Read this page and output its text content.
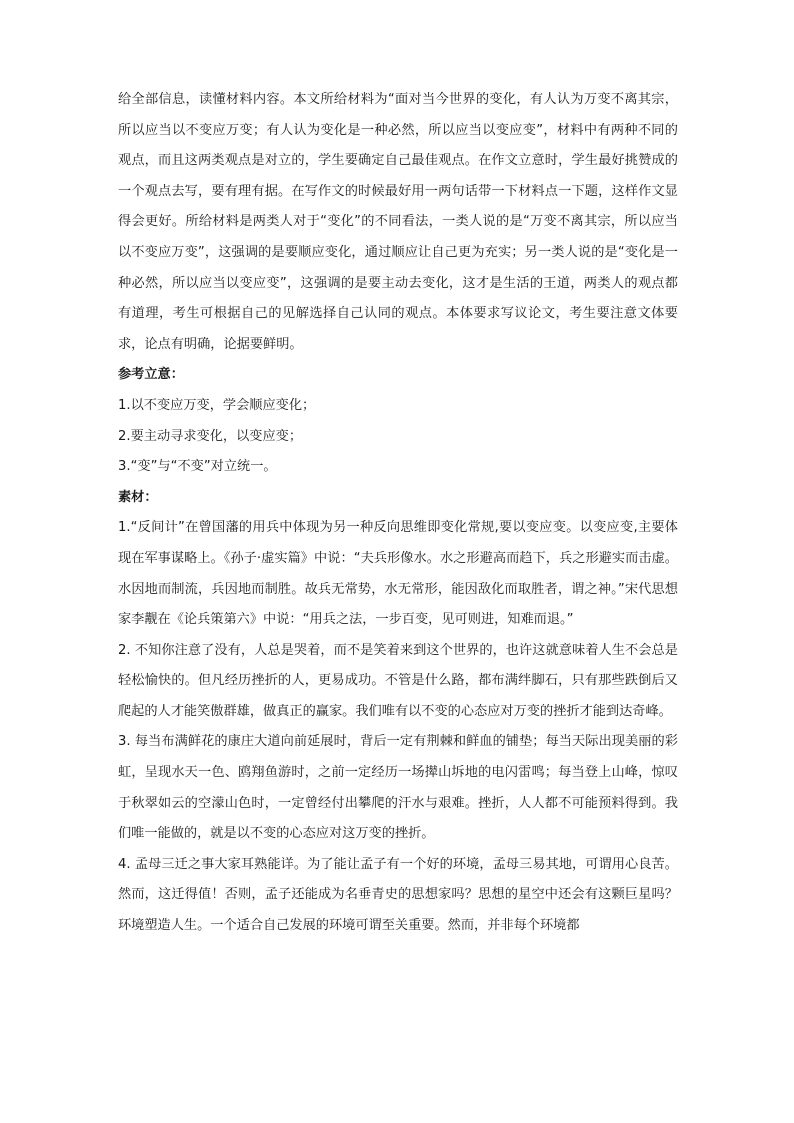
给全部信息，读懂材料内容。本文所给材料为“面对当今世界的变化，有人认为万变不离其宗，所以应当以不变应万变；有人认为变化是一种必然，所以应当以变应变”，材料中有两种不同的观点，而且这两类观点是对立的，学生要确定自己最佳观点。在作文立意时，学生最好挑赞成的一个观点去写，要有理有据。在写作文的时候最好用一两句话带一下材料点一下题，这样作文显得会更好。所给材料是两类人对于“变化”的不同看法，一类人说的是“万变不离其宗，所以应当以不变应万变”，这强调的是要顺应变化，通过顺应让自己更为充实；另一类人说的是“变化是一种必然，所以应当以变应变”，这强调的是要主动去变化，这才是生活的王道，两类人的观点都有道理，考生可根据自己的见解选择自己认同的观点。本体要求写议论文，考生要注意文体要求，论点有明确，论据要鲜明。

参考立意：

1.以不变应万变，学会顺应变化；

2.要主动寻求变化，以变应变；

3.“变”与“不变”对立统一。

素材：

1.“反间计”在曾国藩的用兵中体现为另一种反向思维即变化常规,要以变应变。以变应变,主要体现在军事谋略上。《孙子·虚实篇》中说：“夫兵形像水。水之形避高而趋下，兵之形避实而击虚。水因地而制流，兵因地而制胜。故兵无常势，水无常形，能因敌化而取胜者，谓之神。”宋代思想家李觏在《论兵策第六》中说：“用兵之法，一步百变，见可则进，知难而退。”

2. 不知你注意了没有，人总是哭着，而不是笑着来到这个世界的，也许这就意味着人生不会总是轻松愉快的。但凡经历挫折的人，更易成功。不管是什么路，都布满绊脚石，只有那些跌倒后又爬起的人才能笑傲群雄，做真正的赢家。我们唯有以不变的心态应对万变的挫折才能到达奇峰。

3. 每当布满鲜花的康庄大道向前延展时，背后一定有荆棘和鲜血的铺垫；每当天际出现美丽的彩虹，呈现水天一色、鸥翔鱼游时，之前一定经历一场撵山坼地的电闪雷鸣；每当登上山峰，惊叹于秋翠如云的空濛山色时，一定曾经付出攀爬的汗水与艰难。挫折，人人都不可能预料得到。我们唯一能做的，就是以不变的心态应对这万变的挫折。

4. 孟母三迁之事大家耳熟能详。为了能让孟子有一个好的环境，孟母三易其地，可谓用心良苦。然而，这迁得值！否则，孟子还能成为名垂青史的思想家吗？思想的星空中还会有这颗巨星吗？环境塑造人生。一个适合自己发展的环境可谓至关重要。然而，并非每个环境都
